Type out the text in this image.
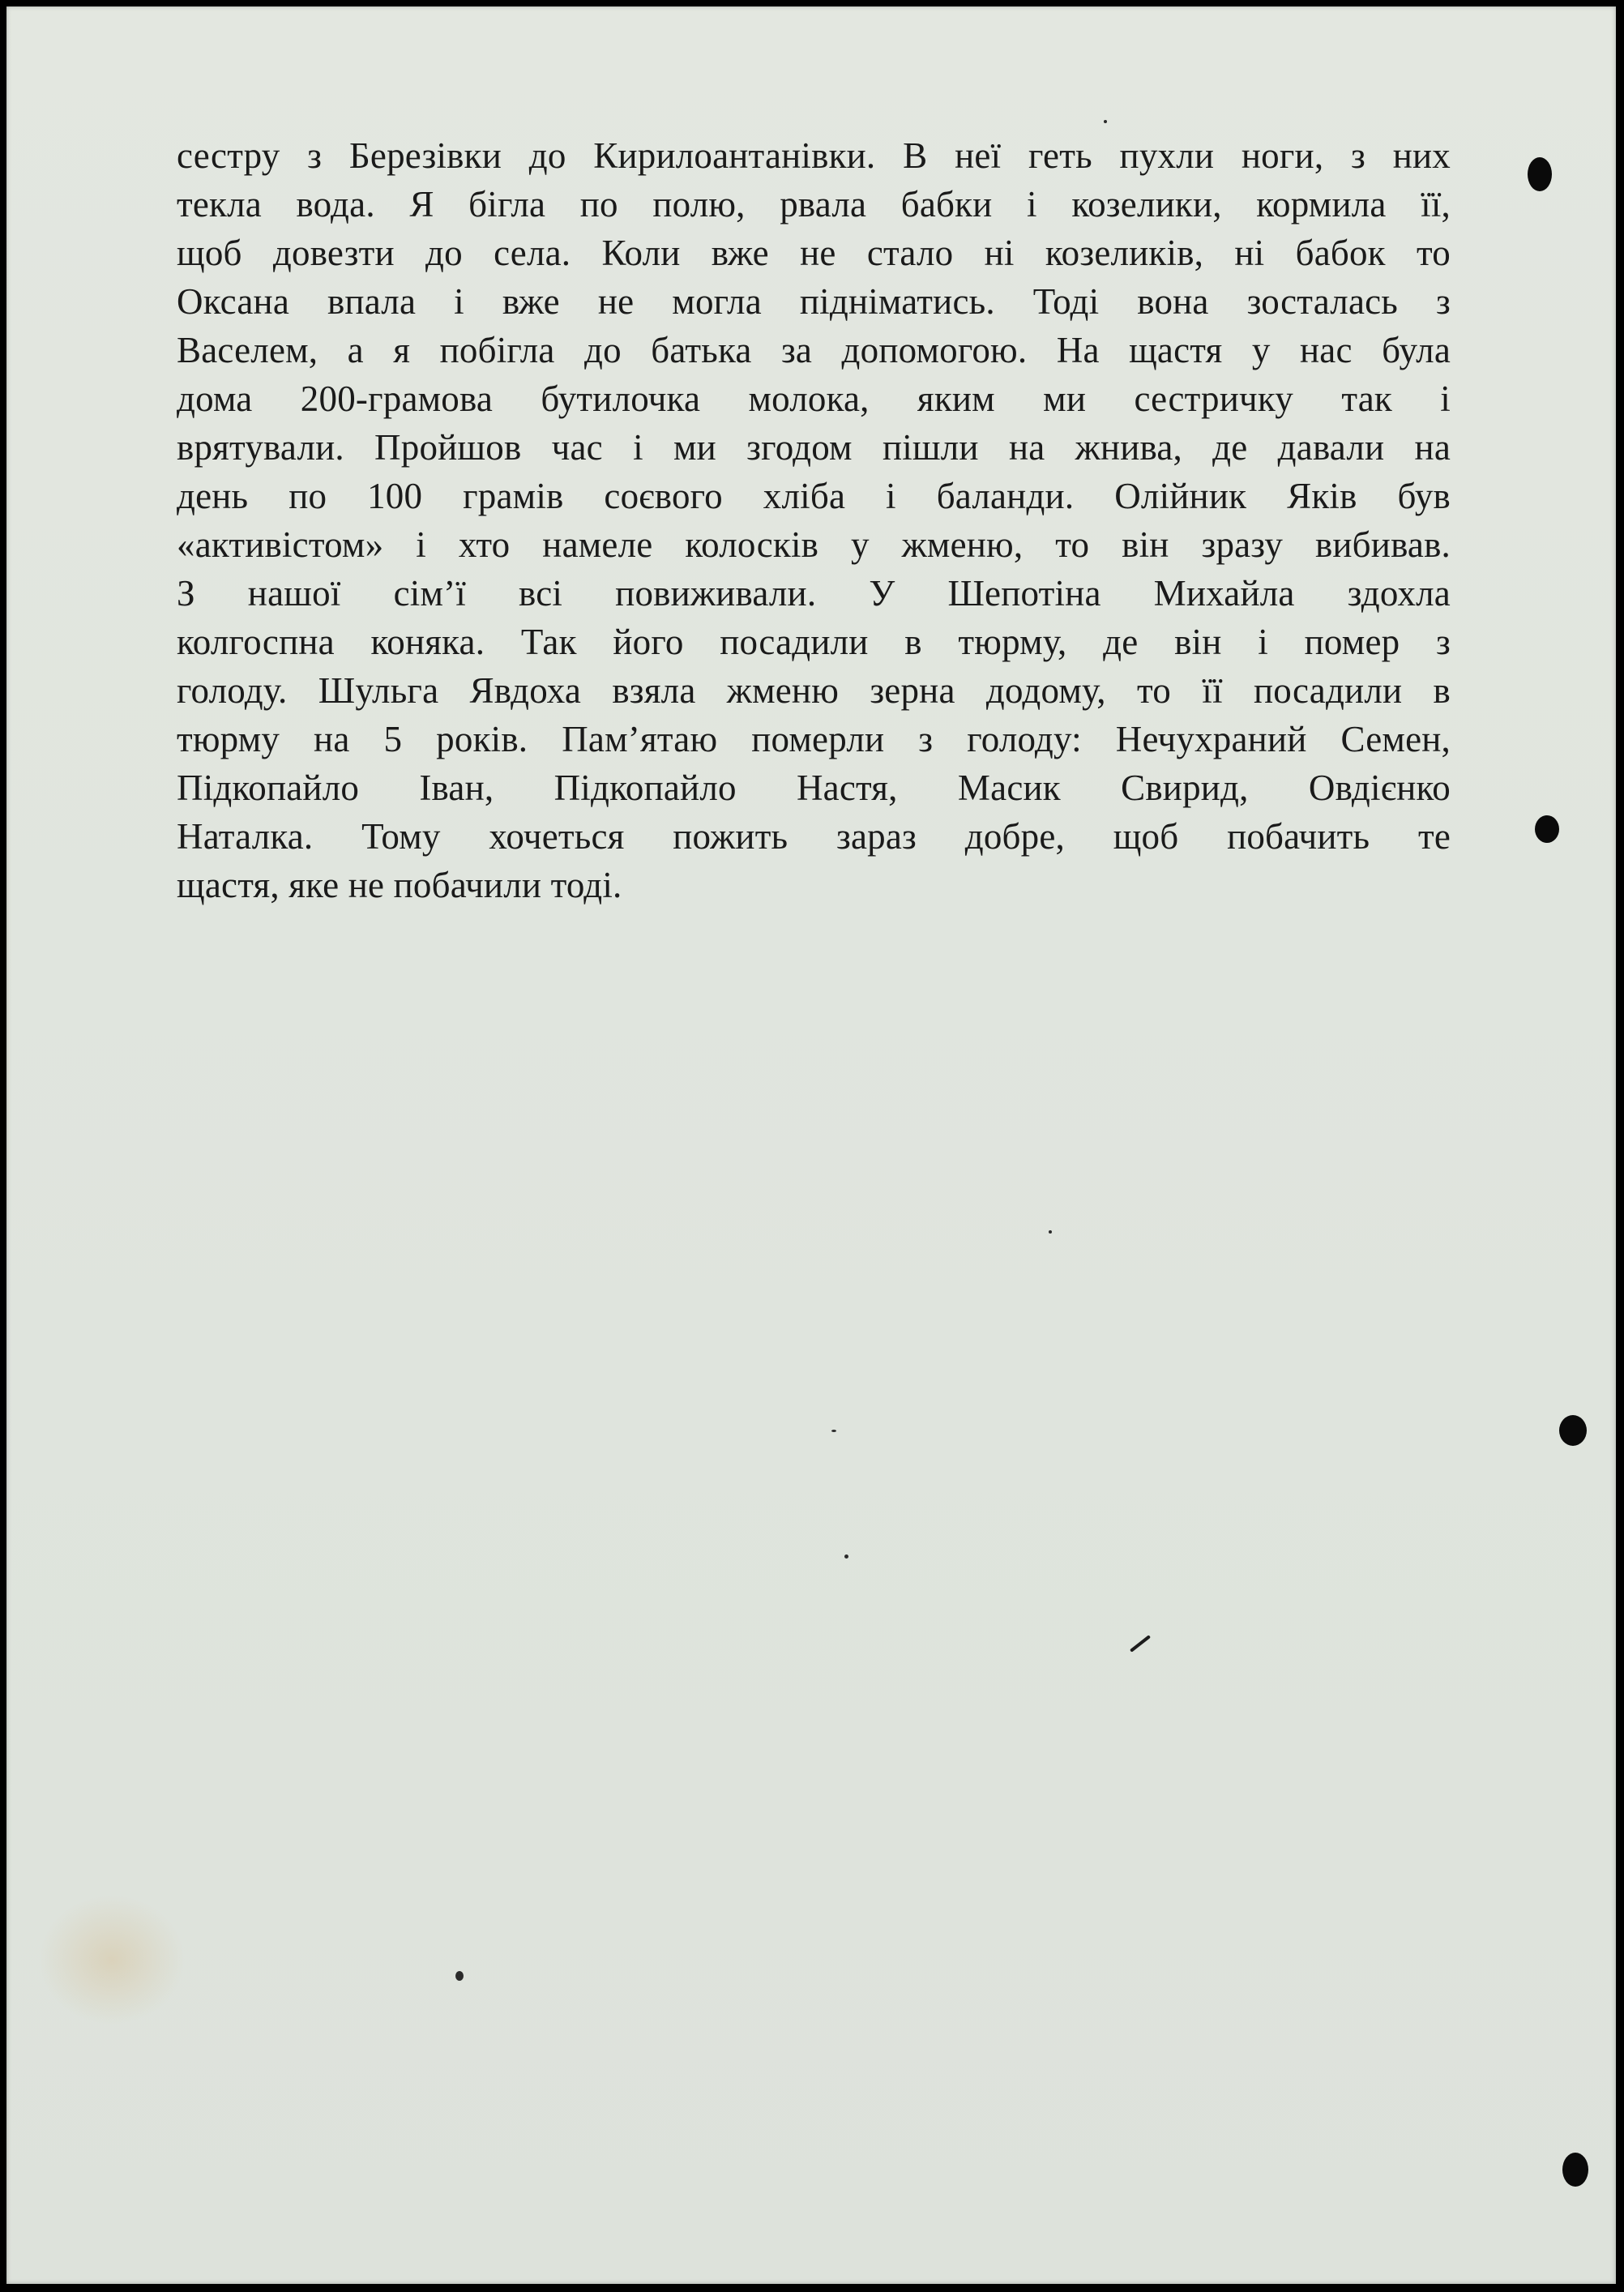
сестру з Березівки до Кирилоантанівки. В неї геть пухли ноги, з них
текла вода. Я бігла по полю, рвала бабки і козелики, кормила її,
щоб довезти до села. Коли вже не стало ні козеликів, ні бабок то
Оксана впала і вже не могла підніматись. Тоді вона зосталась з
Васелем, а я побігла до батька за допомогою. На щастя у нас була
дома 200-грамова бутилочка молока, яким ми сестричку так і
врятували. Пройшов час і ми згодом пішли на жнива, де давали на
день по 100 грамів соєвого хліба і баланди. Олійник Яків був
«активістом» і хто намеле колосків у жменю, то він зразу вибивав.
З нашої сім’ї всі повиживали. У Шепотіна Михайла здохла
колгоспна коняка. Так його посадили в тюрму, де він і помер з
голоду. Шульга Явдоха взяла жменю зерна додому, то її посадили в
тюрму на 5 років. Пам’ятаю померли з голоду: Нечухраний Семен,
Підкопайло Іван, Підкопайло Настя, Масик Свирид, Овдієнко
Наталка. Тому хочеться пожить зараз добре, щоб побачить те
щастя, яке не побачили тоді.
